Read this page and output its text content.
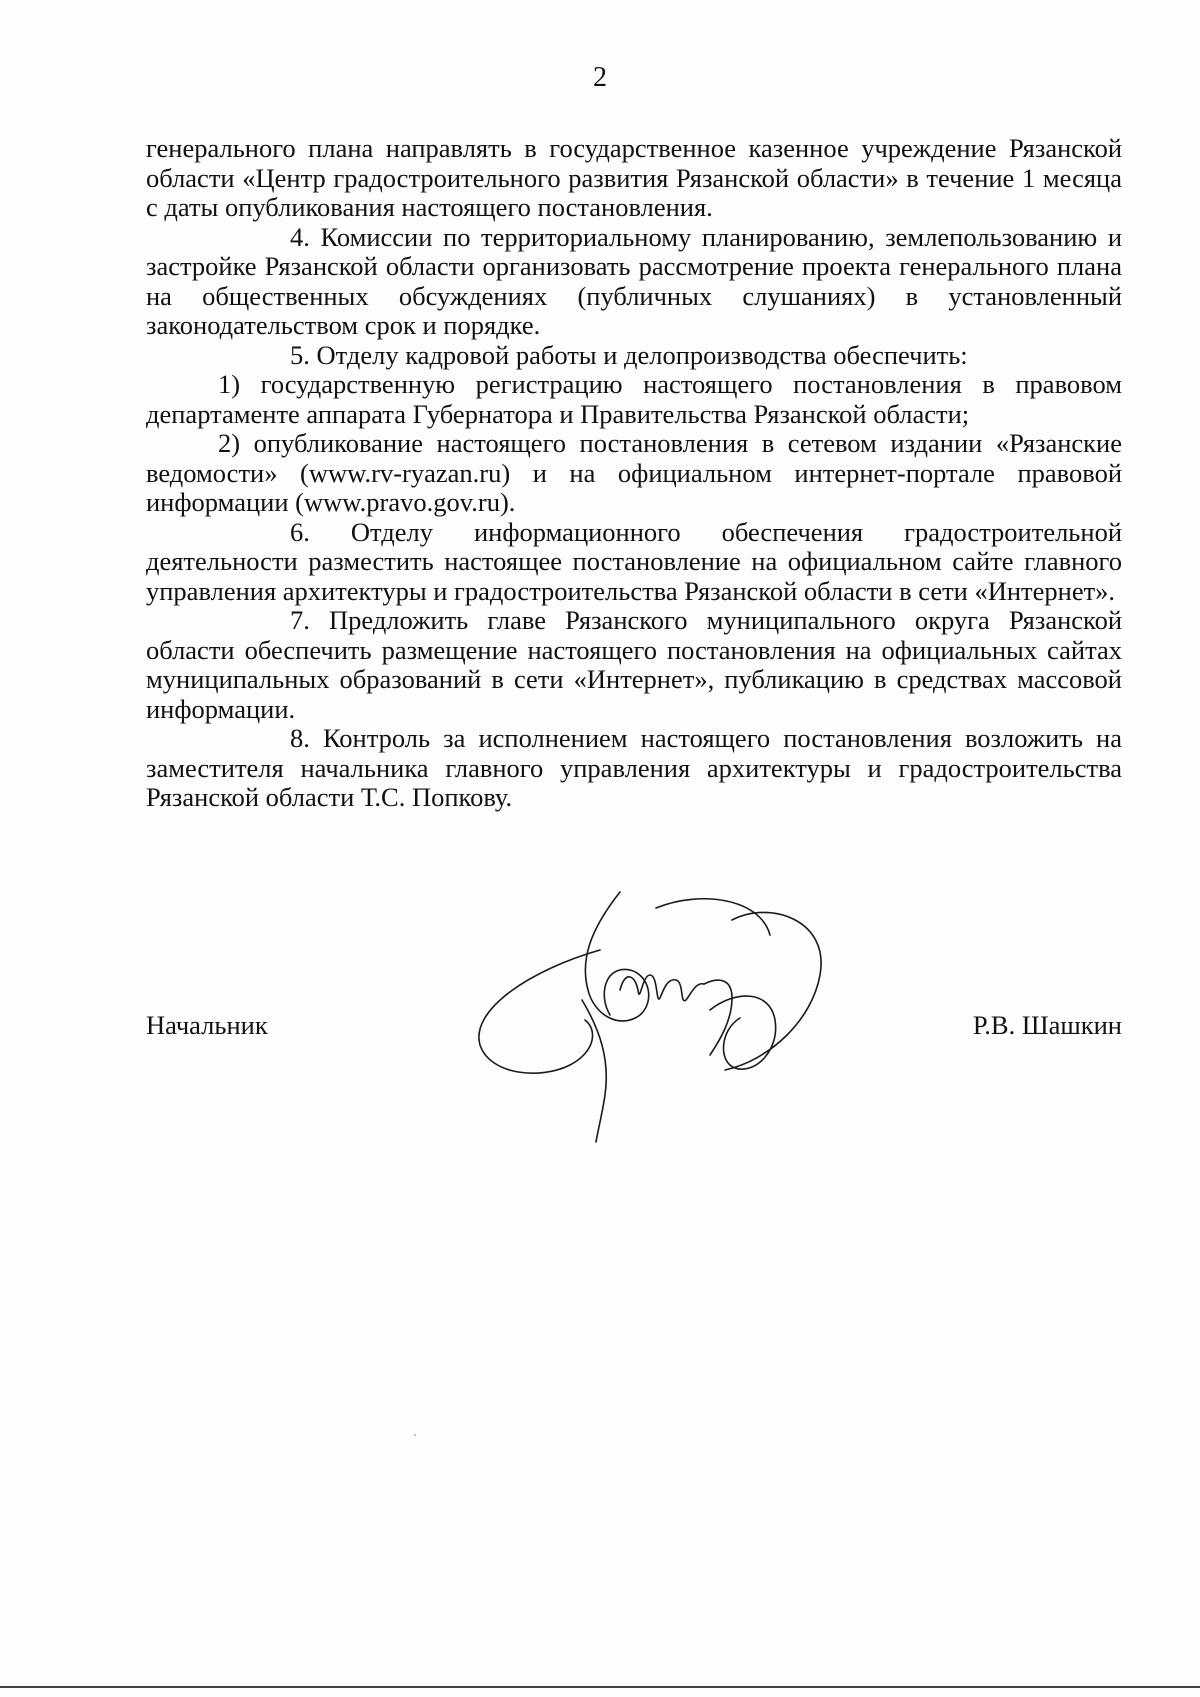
2

генерального плана направлять в государственное казенное учреждение Рязанской области «Центр градостроительного развития Рязанской области» в течение 1 месяца с даты опубликования настоящего постановления.

4. Комиссии по территориальному планированию, землепользованию и застройке Рязанской области организовать рассмотрение проекта генерального плана на общественных обсуждениях (публичных слушаниях) в установленный законодательством срок и порядке.

5. Отделу кадровой работы и делопроизводства обеспечить:

1) государственную регистрацию настоящего постановления в правовом департаменте аппарата Губернатора и Правительства Рязанской области;

2) опубликование настоящего постановления в сетевом издании «Рязанские ведомости» (www.rv-ryazan.ru) и на официальном интернет-портале правовой информации (www.pravo.gov.ru).

6. Отделу информационного обеспечения градостроительной деятельности разместить настоящее постановление на официальном сайте главного управления архитектуры и градостроительства Рязанской области в сети «Интернет».

7. Предложить главе Рязанского муниципального округа Рязанской области обеспечить размещение настоящего постановления на официальных сайтах муниципальных образований в сети «Интернет», публикацию в средствах массовой информации.

8. Контроль за исполнением настоящего постановления возложить на заместителя начальника главного управления архитектуры и градостроительства Рязанской области Т.С. Попкову.

Начальник	Р.В. Шашкин
